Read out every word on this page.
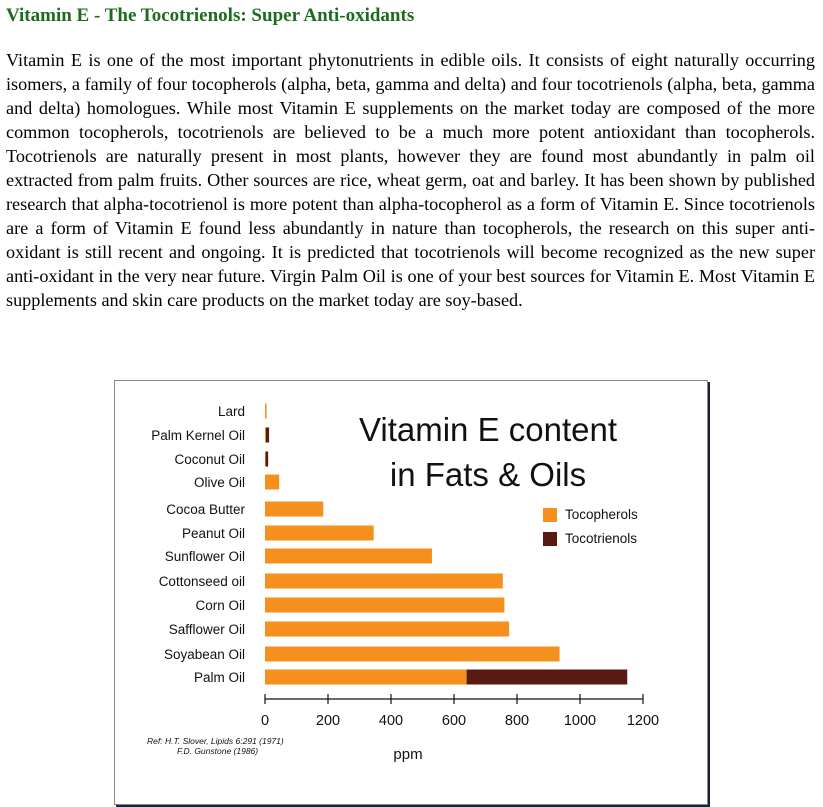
Vitamin E - The Tocotrienols: Super Anti-oxidants

Vitamin E is one of the most important phytonutrients in edible oils. It consists of eight naturally occurring isomers, a family of four tocopherols (alpha, beta, gamma and delta) and four tocotrienols (alpha, beta, gamma and delta) homologues. While most Vitamin E supplements on the market today are composed of the more common tocopherols, tocotrienols are believed to be a much more potent antioxidant than tocopherols. Tocotrienols are naturally present in most plants, however they are found most abundantly in palm oil extracted from palm fruits. Other sources are rice, wheat germ, oat and barley. It has been shown by published research that alpha-tocotrienol is more potent than alpha-tocopherol as a form of Vitamin E. Since tocotrienols are a form of Vitamin E found less abundantly in nature than tocopherols, the research on this super anti-oxidant is still recent and ongoing. It is predicted that tocotrienols will become recognized as the new super anti-oxidant in the very near future. Virgin Palm Oil is one of your best sources for Vitamin E. Most Vitamin E supplements and skin care products on the market today are soy-based.

Lard
Palm Kernel Oil
Coconut Oil
Olive Oil
Cocoa Butter
Peanut Oil
Sunflower Oil
Cottonseed oil
Corn Oil
Safflower Oil
Soyabean Oil
Palm Oil
0	200	400	600	800 1000 1200
Vitamin E content
in Fats & Oils
Tocopherols
Tocotrienols
ppm
Ref: H.T. Slover, Lipids 6:291 (1971)
F.D. Gunstone (1986)
